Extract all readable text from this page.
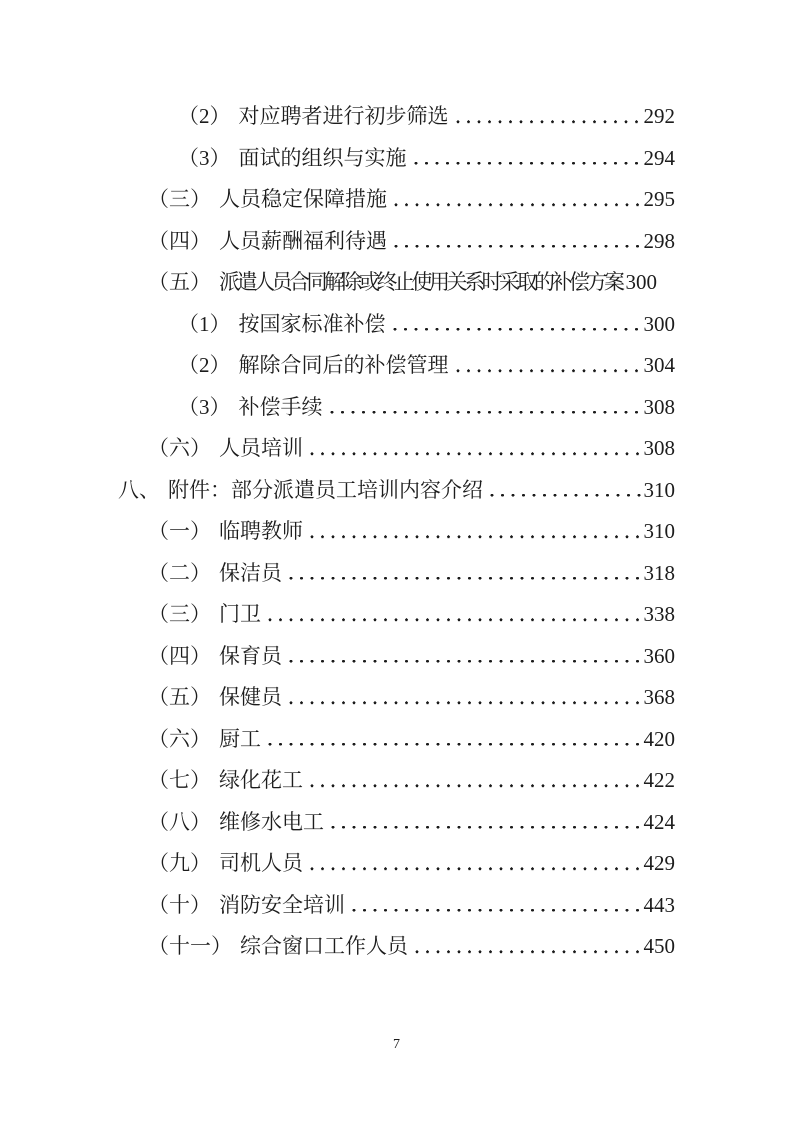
（2） 对应聘者进行初步筛选	292
（3） 面试的组织与实施	294
（三） 人员稳定保障措施	295
（四） 人员薪酬福利待遇	298
（五） 派遣人员合同解除或终止使用关系时采取的补偿方案 300
（1） 按国家标准补偿	300
（2） 解除合同后的补偿管理	304
（3） 补偿手续	308
（六） 人员培训	308
八、 附件：部分派遣员工培训内容介绍	310
（一） 临聘教师	310
（二） 保洁员	318
（三） 门卫	338
（四） 保育员	360
（五） 保健员	368
（六） 厨工	420
（七） 绿化花工	422
（八） 维修水电工	424
（九） 司机人员	429
（十） 消防安全培训	443
（十一） 综合窗口工作人员	450
7
